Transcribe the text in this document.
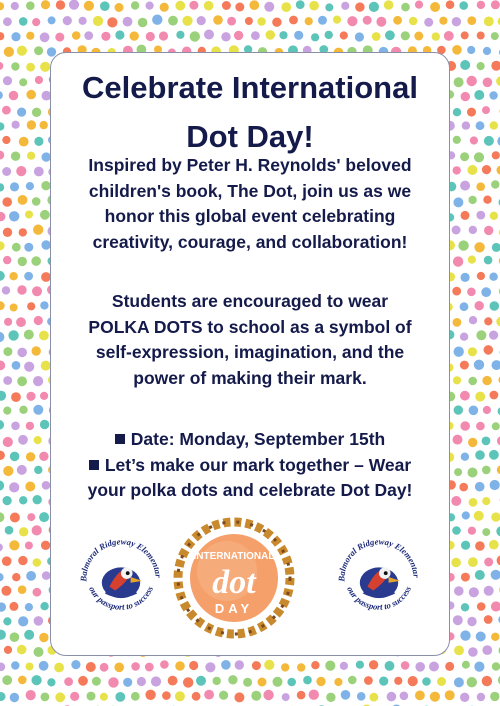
Celebrate International
Dot Day!

Inspired by Peter H. Reynolds' beloved
children's book, The Dot, join us as we
honor this global event celebrating
creativity, courage, and collaboration!

Students are encouraged to wear
POLKA DOTS to school as a symbol of
self-expression, imagination, and the
power of making their mark.

Date: Monday, September 15th
Let’s make our mark together – Wear
your polka dots and celebrate Dot Day!
Balmoral Ridgeway Elementar
our passport to success
INTERNATIONAL
dot
DAY
Balmoral Ridgeway Elementar
our passport to success
